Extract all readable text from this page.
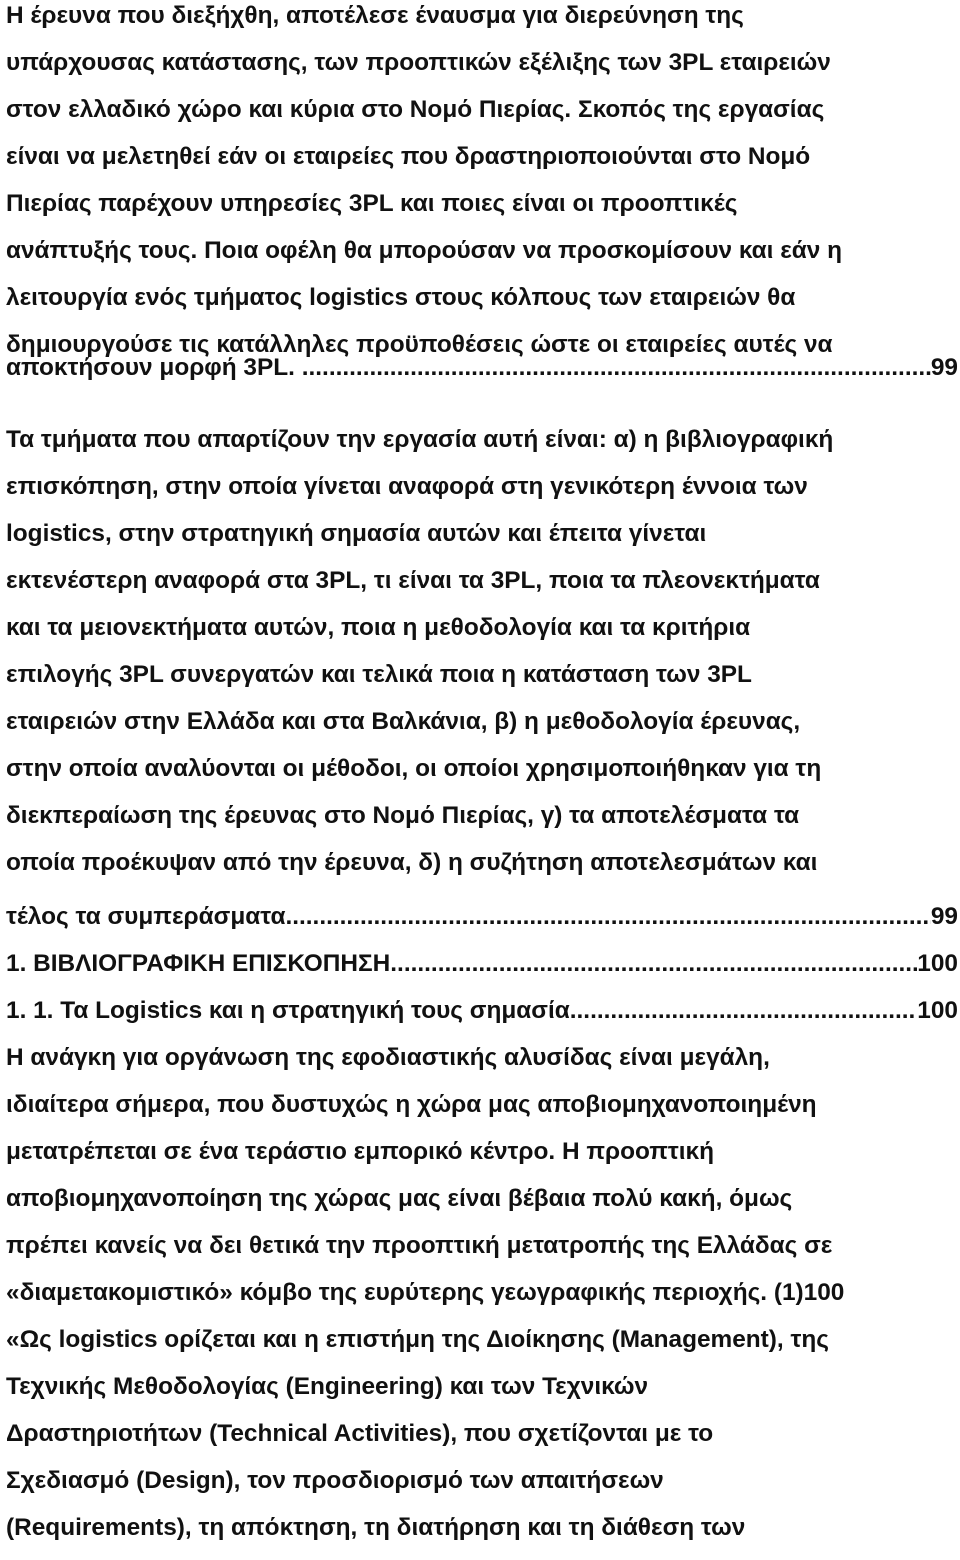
Η έρευνα που διεξήχθη, αποτέλεσε έναυσμα για διερεύνηση της
υπάρχουσας κατάστασης, των προοπτικών εξέλιξης των 3PL εταιρειών
στον ελλαδικό χώρο και κύρια στο Νομό Πιερίας. Σκοπός της εργασίας
είναι να μελετηθεί εάν οι εταιρείες που δραστηριοποιούνται στο Νομό
Πιερίας παρέχουν υπηρεσίες 3PL και ποιες είναι οι προοπτικές
ανάπτυξής τους. Ποια οφέλη θα μπορούσαν να προσκομίσουν και εάν η
λειτουργία ενός τμήματος logistics στους κόλπους των εταιρειών θα
δημιουργούσε τις κατάλληλες προϋποθέσεις ώστε οι εταιρείες αυτές να
αποκτήσουν μορφή 3PL. ... .....	99
Τα τμήματα που απαρτίζουν την εργασία αυτή είναι: α) η βιβλιογραφική
επισκόπηση, στην οποία γίνεται αναφορά στη γενικότερη έννοια των
logistics, στην στρατηγική σημασία αυτών και έπειτα γίνεται
εκτενέστερη αναφορά στα 3PL, τι είναι τα 3PL, ποια τα πλεονεκτήματα
και τα μειονεκτήματα αυτών, ποια η μεθοδολογία και τα κριτήρια
επιλογής 3PL συνεργατών και τελικά ποια η κατάσταση των 3PL
εταιρειών στην Ελλάδα και στα Βαλκάνια, β) η μεθοδολογία έρευνας,
στην οποία αναλύονται οι μέθοδοι, οι οποίοι χρησιμοποιήθηκαν για τη
διεκπεραίωση της έρευνας στο Νομό Πιερίας, γ) τα αποτελέσματα τα
οποία προέκυψαν από την έρευνα, δ) η συζήτηση αποτελεσμάτων και
τέλος τα συμπεράσματα .....	99
1. ΒΙΒΛΙΟΓΡΑΦΙΚΗ ΕΠΙΣΚΟΠΗΣΗ .....	100
1. 1. Τα Logistics και η στρατηγική τους σημασία .....	100
Η ανάγκη για οργάνωση της εφοδιαστικής αλυσίδας είναι μεγάλη,
ιδιαίτερα σήμερα, που δυστυχώς η χώρα μας αποβιομηχανοποιημένη
μετατρέπεται σε ένα τεράστιο εμπορικό κέντρο. Η προοπτική
αποβιομηχανοποίηση της χώρας μας είναι βέβαια πολύ κακή, όμως
πρέπει κανείς να δει θετικά την προοπτική μετατροπής της Ελλάδας σε
«διαμετακομιστικό» κόμβο της ευρύτερης γεωγραφικής περιοχής. (1)100
«Ως logistics ορίζεται και η επιστήμη της Διοίκησης (Management), της
Τεχνικής Μεθοδολογίας (Engineering) και των Τεχνικών
Δραστηριοτήτων (Technical Activities), που σχετίζονται με το
Σχεδιασμό (Design), τον προσδιορισμό των απαιτήσεων
(Requirements), τη απόκτηση, τη διατήρηση και τη διάθεση των
